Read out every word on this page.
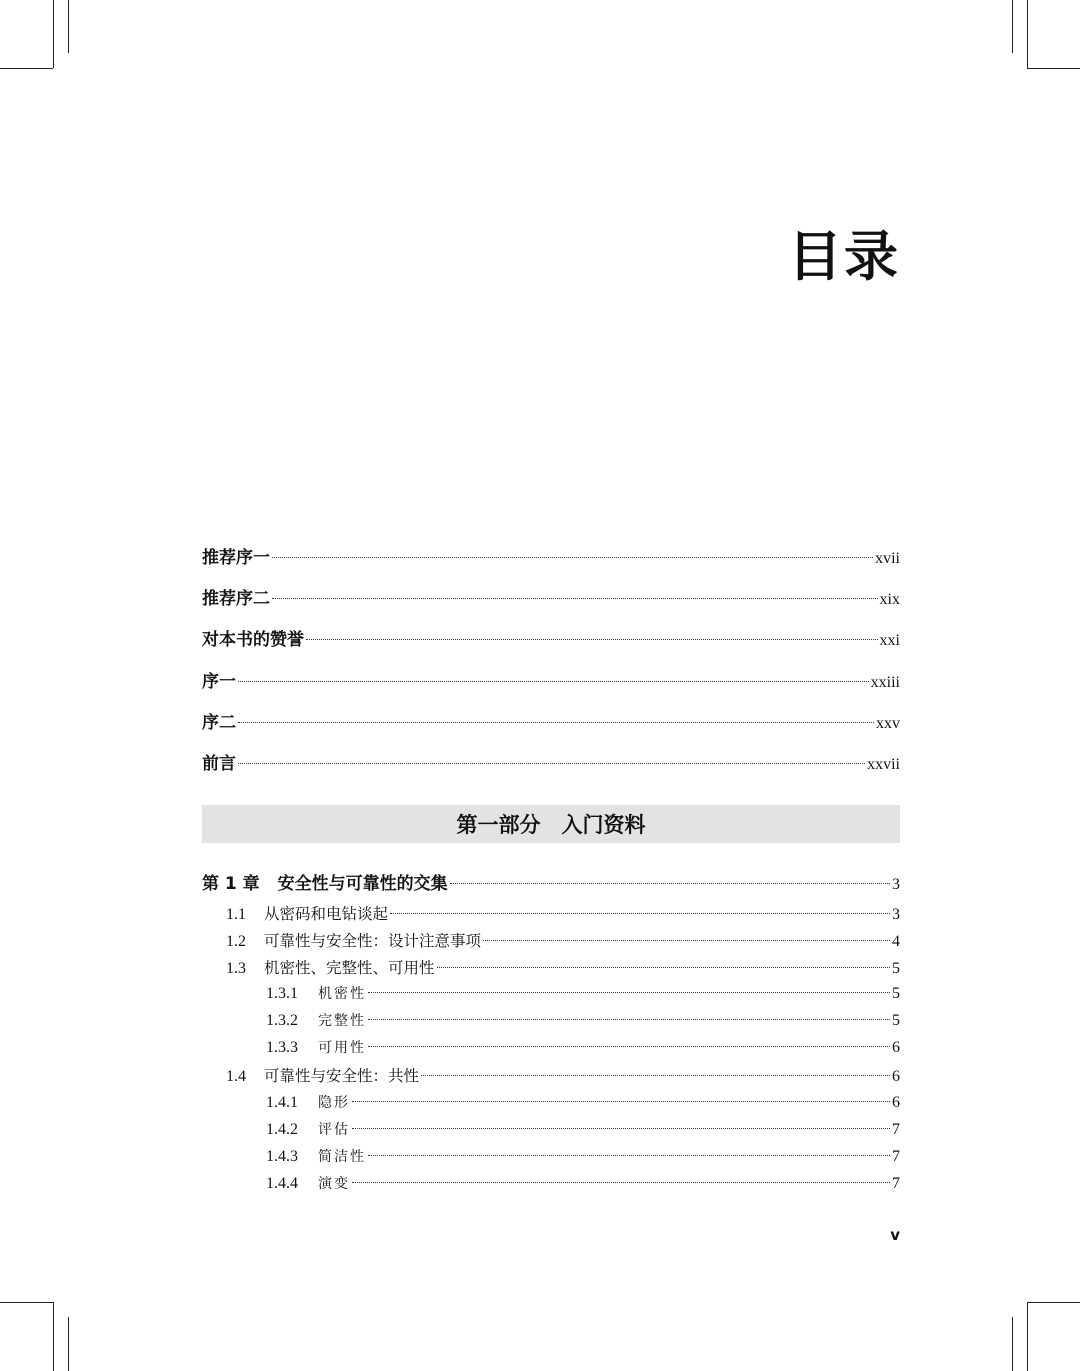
目录
推荐序一	xvii
推荐序二	xix
对本书的赞誉	xxi
序一	xxiii
序二	xxv
前言	xxvii
第 1 章 安全性与可靠性的交集	3
1.1 从密码和电钻谈起	3
1.2 可靠性与安全性：设计注意事项	4
1.3 机密性、完整性、可用性	5
1.3.1 机密性	5
1.3.2 完整性	5
1.3.3 可用性	6
1.4 可靠性与安全性：共性	6
1.4.1 隐形	6
1.4.2 评估	7
1.4.3 简洁性	7
1.4.4 演变	7
第一部分　入门资料
v
